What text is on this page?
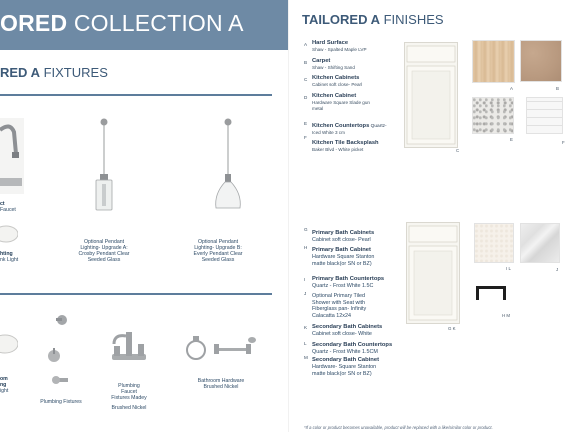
ORED COLLECTION A
RED A FIXTURES
ct
Faucet
hting
nk Light
Optional Pendant
Lighting- Upgrade A:
Crosby Pendant Clear
Seeded Glass
Optional Pendant
Lighting- Upgrade B:
Everly Pendant Clear
Seeded Glass
om
ng
ight
Plumbing Fixtures
Plumbing
Faucet
Fixtures Madey
Brushed Nickel
Bathroom Hardware
Brushed Nickel
TAILORED A FINISHES
A Hard Surface
Shaw - Spalted Maple LVP
B Carpet
Shaw - Shifting Sand
C Kitchen Cabinets
Cabinet soft close- Pearl
D Kitchen Cabinet
Hardware Square Slade gun
metal
E Kitchen Countertops Quartz-
Iced White 3 cm
F
Kitchen Tile Backsplash
Baker Blvd - White picket	C
A	B
E
F
G
Primary Bath Cabinets
Cabinet soft close- Pearl
H Primary Bath Cabinet
Hardware Square Stanton
matte black(or SN or BZ)
I Primary Bath Countertops
Quartz - Frost White 1.5C
J Optional Primary Tiled
Shower with Seat with
Fiberglass pan- Infinity
Calacatta 12x24
K Secondary Bath Cabinets
Cabinet soft close- White
L Secondary Bath Countertops
Quartz - Frost White 1.5CM
M Secondary Bath Cabinet
Hardware- Square Stanton
matte black(or SN or BZ)
G K
I L	J
H M
*If a color or product becomes unavailable, product will be replaced with a like/similar color or product.
